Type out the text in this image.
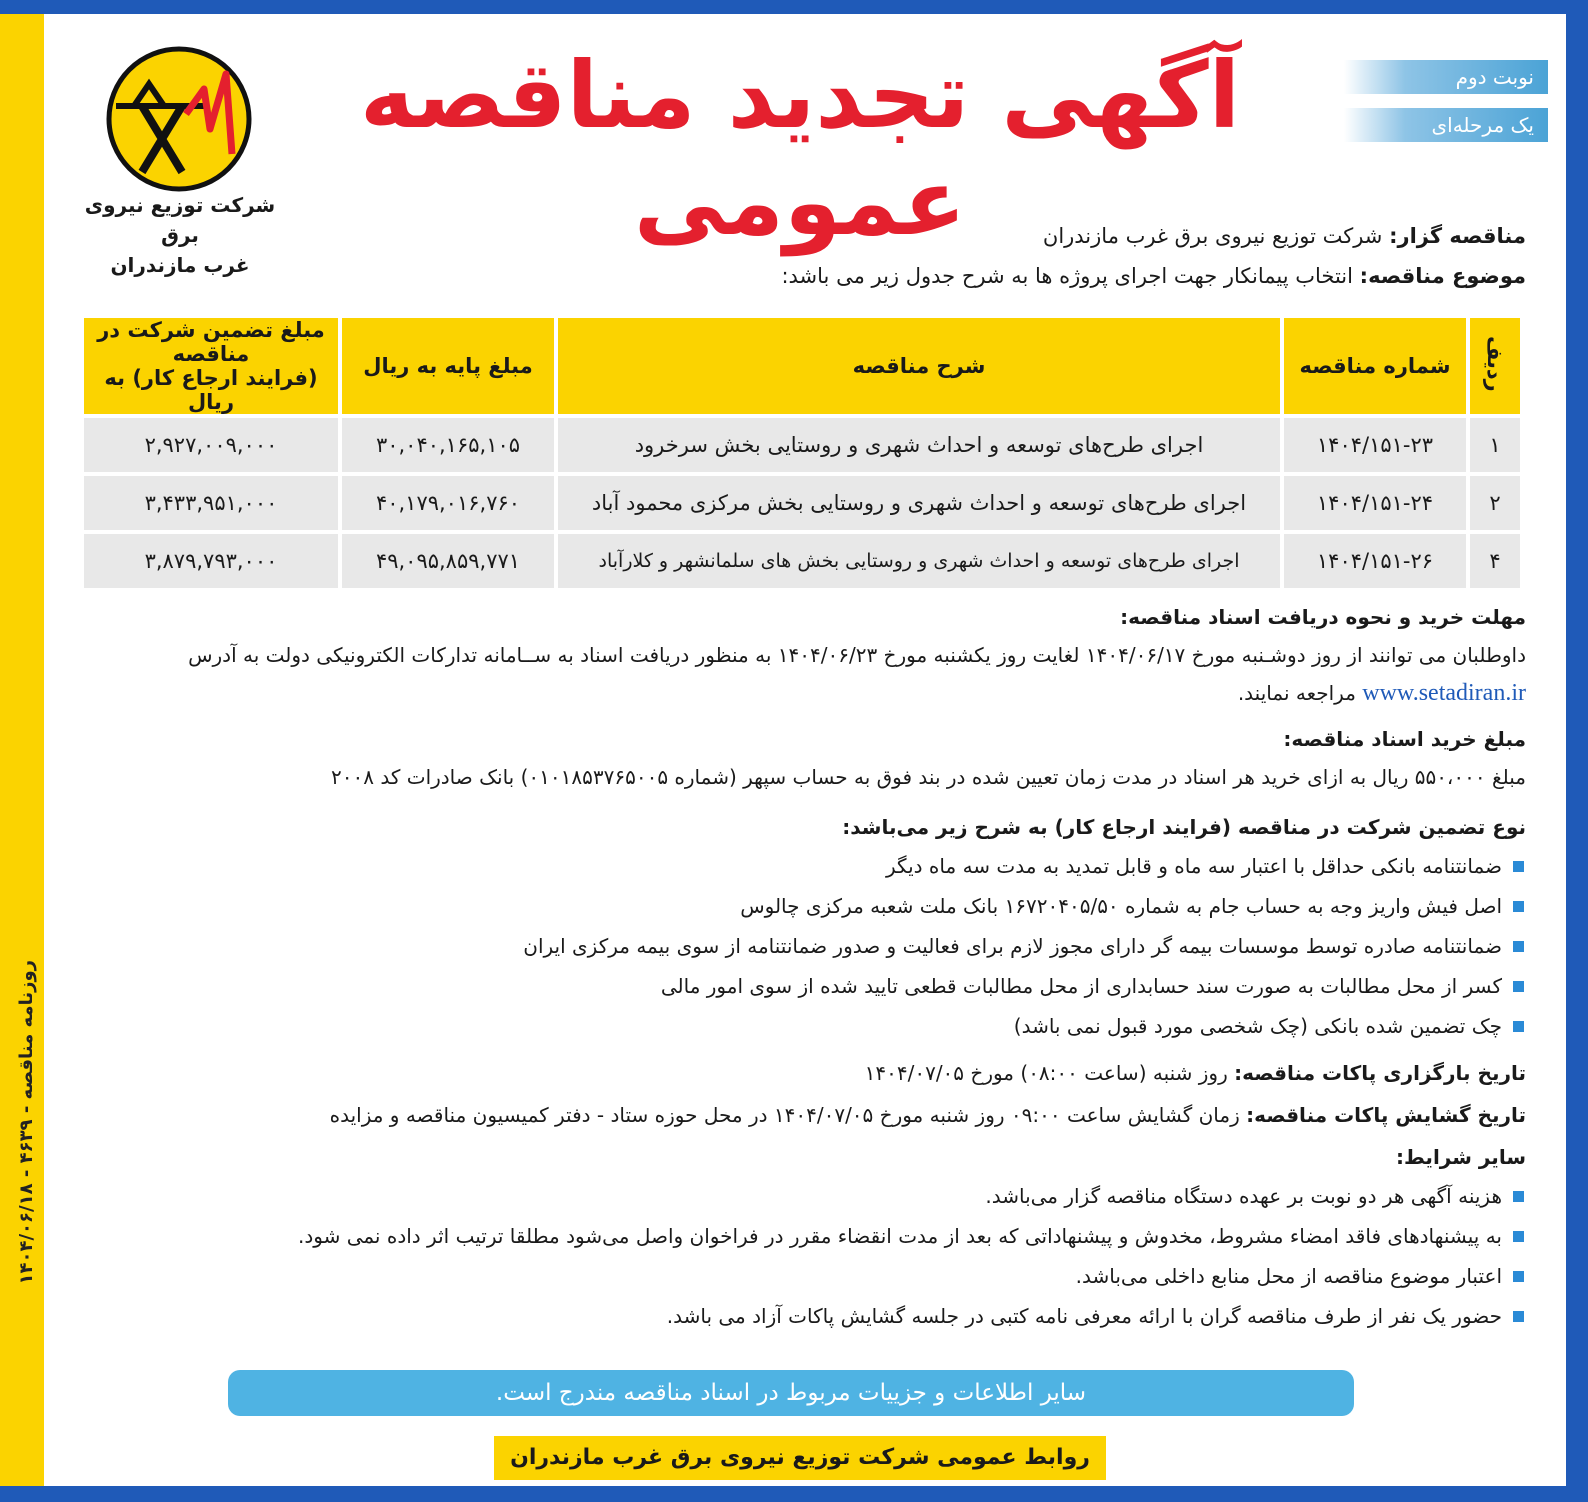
روزنامه مناقصه - ۴۶۳۹ - ۱۴۰۴/۰۶/۱۸
شرکت توزیع نیروی برق
غرب مازندران
آگهی تجدید مناقصه عمومی
نوبت دوم
یک مرحله‌ای
مناقصه گزار: شرکت توزیع نیروی برق غرب مازندران
موضوع مناقصه: انتخاب پیمانکار جهت اجرای پروژه ها به شرح جدول زیر می باشد:
ردیف	شماره مناقصه	شرح مناقصه	مبلغ پایه به ریال	مبلغ تضمین شرکت در مناقصه
(فرایند ارجاع کار) به ریال

۱	۱۴۰۴/۱۵۱-۲۳	اجرای طرح‌های توسعه و احداث شهری و روستایی بخش سرخرود	۳۰,۰۴۰,۱۶۵,۱۰۵	۲,۹۲۷,۰۰۹,۰۰۰
۲	۱۴۰۴/۱۵۱-۲۴	اجرای طرح‌های توسعه و احداث شهری و روستایی بخش مرکزی محمود آباد	۴۰,۱۷۹,۰۱۶,۷۶۰	۳,۴۳۳,۹۵۱,۰۰۰
۴	۱۴۰۴/۱۵۱-۲۶	اجرای طرح‌های توسعه و احداث شهری و روستایی بخش های سلمانشهر و کلارآباد	۴۹,۰۹۵,۸۵۹,۷۷۱	۳,۸۷۹,۷۹۳,۰۰۰
مهلت خرید و نحوه دریافت اسناد مناقصه:
داوطلبان می توانند از روز دوشـنبه مورخ ۱۴۰۴/۰۶/۱۷ لغایت روز یکشنبه مورخ ۱۴۰۴/۰۶/۲۳ به منظور دریافت اسناد به ســامانه تدارکات الکترونیکی دولت به آدرس
www.setadiran.ir مراجعه نمایند.
مبلغ خرید اسناد مناقصه:
مبلغ ۵۵۰،۰۰۰ ریال به ازای خرید هر اسناد در مدت زمان تعیین شده در بند فوق به حساب سپهر (شماره ۰۱۰۱۸۵۳۷۶۵۰۰۵) بانک صادرات کد ۲۰۰۸
نوع تضمین شرکت در مناقصه (فرایند ارجاع کار) به شرح زیر می‌باشد:
ضمانتنامه بانکی حداقل با اعتبار سه ماه و قابل تمدید به مدت سه ماه دیگر
اصل فیش واریز وجه به حساب جام به شماره ۱۶۷۲۰۴۰۵/۵۰ بانک ملت شعبه مرکزی چالوس
ضمانتنامه صادره توسط موسسات بیمه گر دارای مجوز لازم برای فعالیت و صدور ضمانتنامه از سوی بیمه مرکزی ایران
کسر از محل مطالبات به صورت سند حسابداری از محل مطالبات قطعی تایید شده از سوی امور مالی
چک تضمین شده بانکی (چک شخصی مورد قبول نمی باشد)
تاریخ بارگزاری پاکات مناقصه: روز شنبه (ساعت ۰۸:۰۰) مورخ ۱۴۰۴/۰۷/۰۵
تاریخ گشایش پاکات مناقصه: زمان گشایش ساعت ۰۹:۰۰ روز شنبه مورخ ۱۴۰۴/۰۷/۰۵ در محل حوزه ستاد - دفتر کمیسیون مناقصه و مزایده
سایر شرایط:
هزینه آگهی هر دو نوبت بر عهده دستگاه مناقصه گزار می‌باشد.
به پیشنهادهای فاقد امضاء مشروط، مخدوش و پیشنهاداتی که بعد از مدت انقضاء مقرر در فراخوان واصل می‌شود مطلقا ترتیب اثر داده نمی شود.
اعتبار موضوع مناقصه از محل منابع داخلی می‌باشد.
حضور یک نفر از طرف مناقصه گران با ارائه معرفی نامه کتبی در جلسه گشایش پاکات آزاد می باشد.
سایر اطلاعات و جزییات مربوط در اسناد مناقصه مندرج است.
روابط عمومی شرکت توزیع نیروی برق غرب مازندران
